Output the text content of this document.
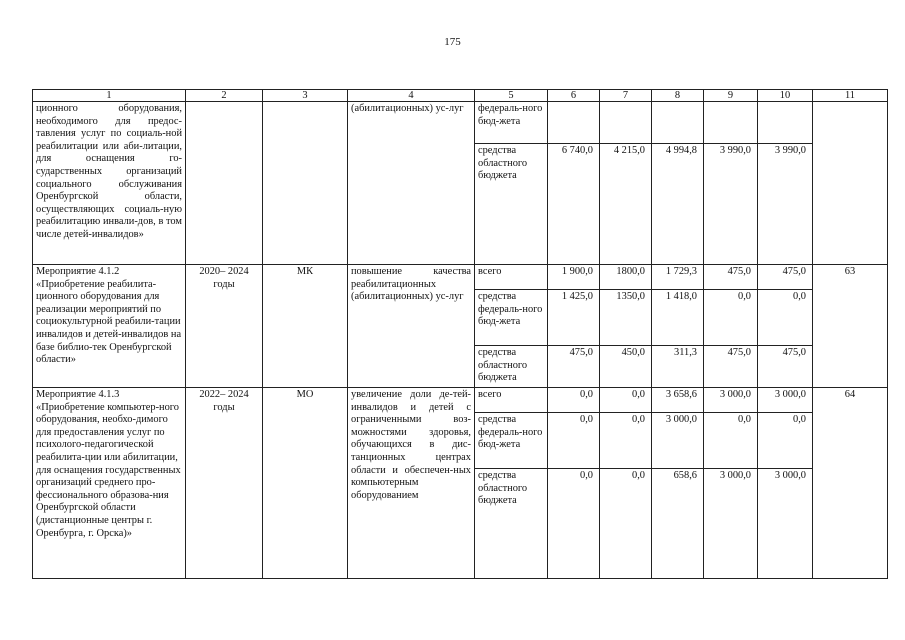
175
1	2	3	4	5	6	7	8	9	10	11
ционного оборудования, необходимого для предос-тавления услуг по социаль-ной реабилитации или аби-литации, для оснащения го-сударственных организаций социального обслуживания Оренбургской области, осуществляющих социаль-ную реабилитацию инвали-дов, в том числе детей-инвалидов»			(абилитационных) ус-луг	федераль-ного бюд-жета						
				средства областного бюджета	6 740,0	4 215,0	4 994,8	3 990,0	3 990,0	
Мероприятие 4.1.2 «Приобретение реабилита-ционного оборудования для реализации мероприятий по социокультурной реабили-тации инвалидов и детей-инвалидов на базе библио-тек Оренбургской области»	2020– 2024 годы	МК	повышение качества реабилитационных (абилитационных) ус-луг	всего	1 900,0	1800,0	1 729,3	475,0	475,0	63
				средства федераль-ного бюд-жета	1 425,0	1350,0	1 418,0	0,0	0,0	
				средства областного бюджета	475,0	450,0	311,3	475,0	475,0	
Мероприятие 4.1.3 «Приобретение компьютер-ного оборудования, необхо-димого для предоставления услуг по психолого-педагогической реабилита-ции или абилитации, для оснащения государственных организаций среднего про-фессионального образова-ния Оренбургской области (дистанционные центры г. Оренбурга, г. Орска)»	2022– 2024 годы	МО	увеличение доли де-тей-инвалидов и детей с ограниченными воз-можностями здоровья, обучающихся в дис-танционных центрах области и обеспечен-ных компьютерным оборудованием	всего	0,0	0,0	3 658,6	3 000,0	3 000,0	64
				средства федераль-ного бюд-жета	0,0	0,0	3 000,0	0,0	0,0	
				средства областного бюджета	0,0	0,0	658,6	3 000,0	3 000,0	
